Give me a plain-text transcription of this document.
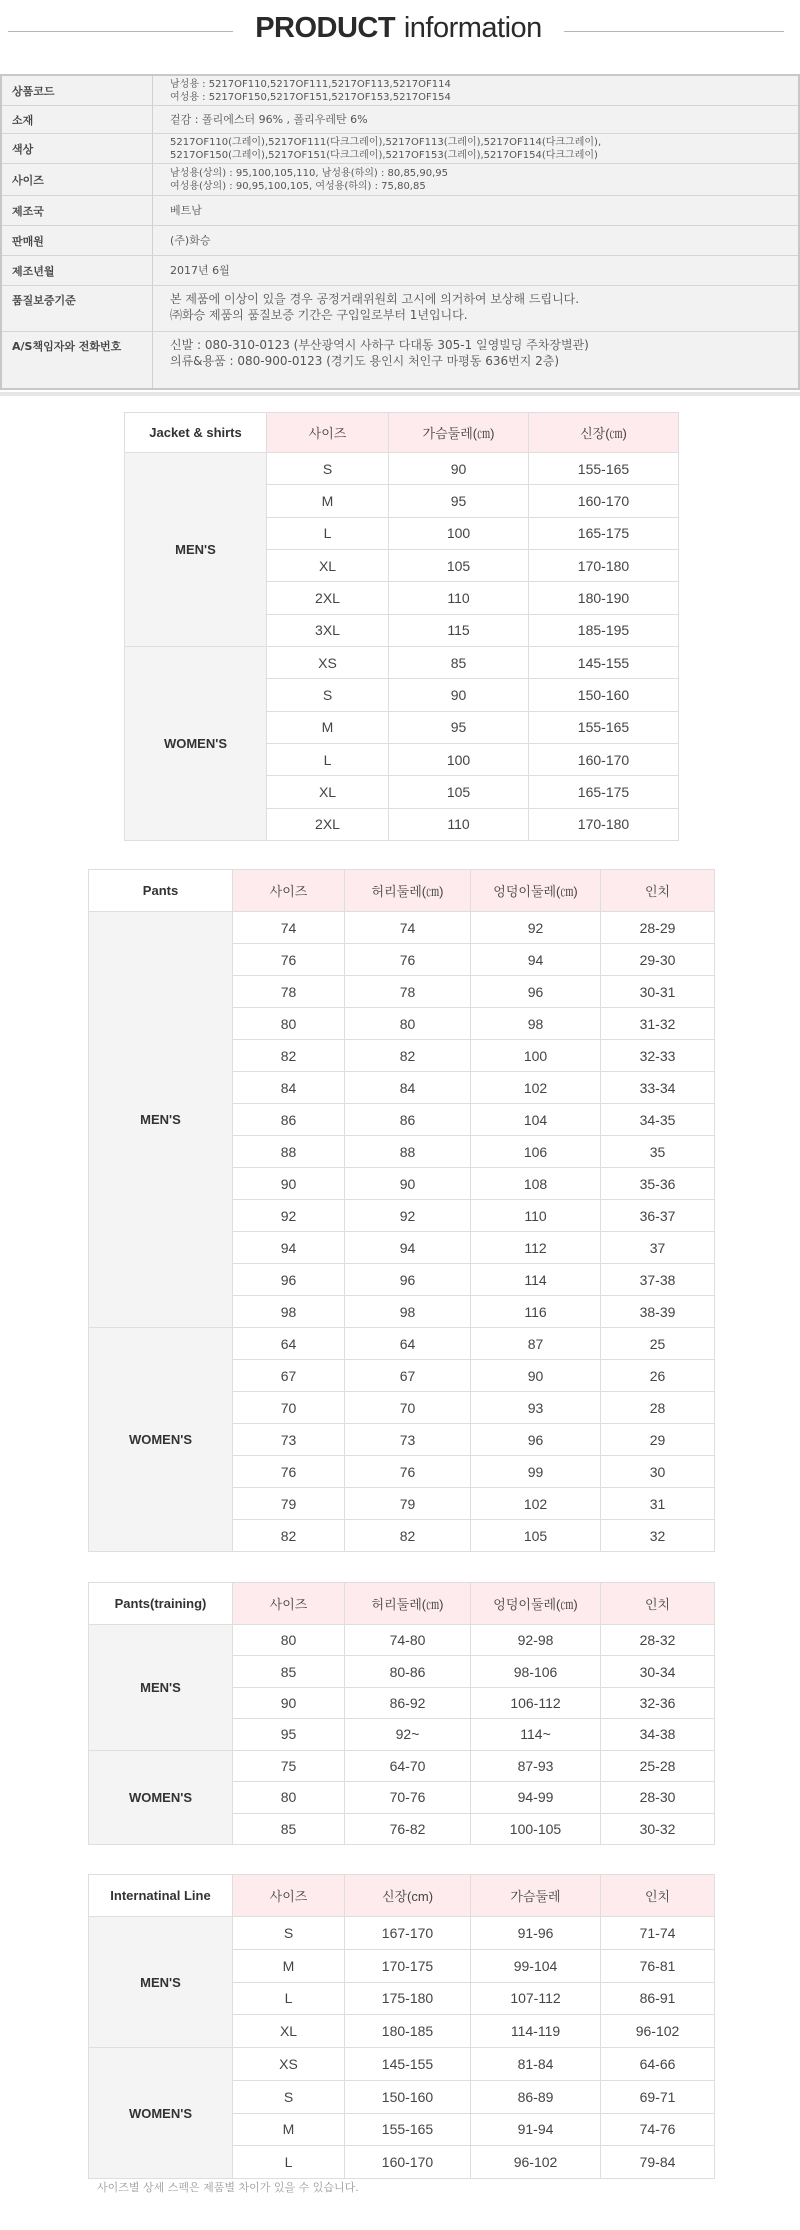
PRODUCT information
상품코드
남성용 : 5217OF110,5217OF111,5217OF113,5217OF114
여성용 : 5217OF150,5217OF151,5217OF153,5217OF154
소재	겉감 : 폴리에스터 96% , 폴리우레탄 6%
색상
5217OF110(그레이),5217OF111(다크그레이),5217OF113(그레이),5217OF114(다크그레이),
5217OF150(그레이),5217OF151(다크그레이),5217OF153(그레이),5217OF154(다크그레이)
사이즈
남성용(상의) : 95,100,105,110, 남성용(하의) : 80,85,90,95
여성용(상의) : 90,95,100,105, 여성용(하의) : 75,80,85
제조국	베트남
판매원	(주)화승
제조년월	2017년 6월
품질보증기준	본 제품에 이상이 있을 경우 공정거래위원회 고시에 의거하여 보상해 드립니다.
㈜화승 제품의 품질보증 기간은 구입일로부터 1년입니다.
A/S책임자와 전화번호	신발 : 080-310-0123 (부산광역시 사하구 다대동 305-1 일영빌딩 주차장별관)
의류&용품 : 080-900-0123 (경기도 용인시 처인구 마평동 636번지 2층)
Jacket & shirts	사이즈	가슴둘레(㎝)	신장(㎝)
MEN'S	S	90	155-165
	M	95	160-170
	L	100	165-175
	XL	105	170-180
	2XL	110	180-190
	3XL	115	185-195
WOMEN'S	XS	85	145-155
	S	90	150-160
	M	95	155-165
	L	100	160-170
	XL	105	165-175
	2XL	110	170-180
Pants	사이즈	허리둘레(㎝)	엉덩이둘레(㎝)	인치
MEN'S	74	74	92	28-29
	76	76	94	29-30
	78	78	96	30-31
	80	80	98	31-32
	82	82	100	32-33
	84	84	102	33-34
	86	86	104	34-35
	88	88	106	35
	90	90	108	35-36
	92	92	110	36-37
	94	94	112	37
	96	96	114	37-38
	98	98	116	38-39
WOMEN'S	64	64	87	25
	67	67	90	26
	70	70	93	28
	73	73	96	29
	76	76	99	30
	79	79	102	31
	82	82	105	32
Pants(training)	사이즈	허리둘레(㎝)	엉덩이둘레(㎝)	인치
MEN'S	80	74-80	92-98	28-32
	85	80-86	98-106	30-34
	90	86-92	106-112	32-36
	95	92~	114~	34-38
WOMEN'S	75	64-70	87-93	25-28
	80	70-76	94-99	28-30
	85	76-82	100-105	30-32
Internatinal Line	사이즈	신장(cm)	가슴둘레	인치
MEN'S	S	167-170	91-96	71-74
	M	170-175	99-104	76-81
	L	175-180	107-112	86-91
	XL	180-185	114-119	96-102
WOMEN'S	XS	145-155	81-84	64-66
	S	150-160	86-89	69-71
	M	155-165	91-94	74-76
	L	160-170	96-102	79-84
사이즈별 상세 스펙은 제품별 차이가 있을 수 있습니다.
